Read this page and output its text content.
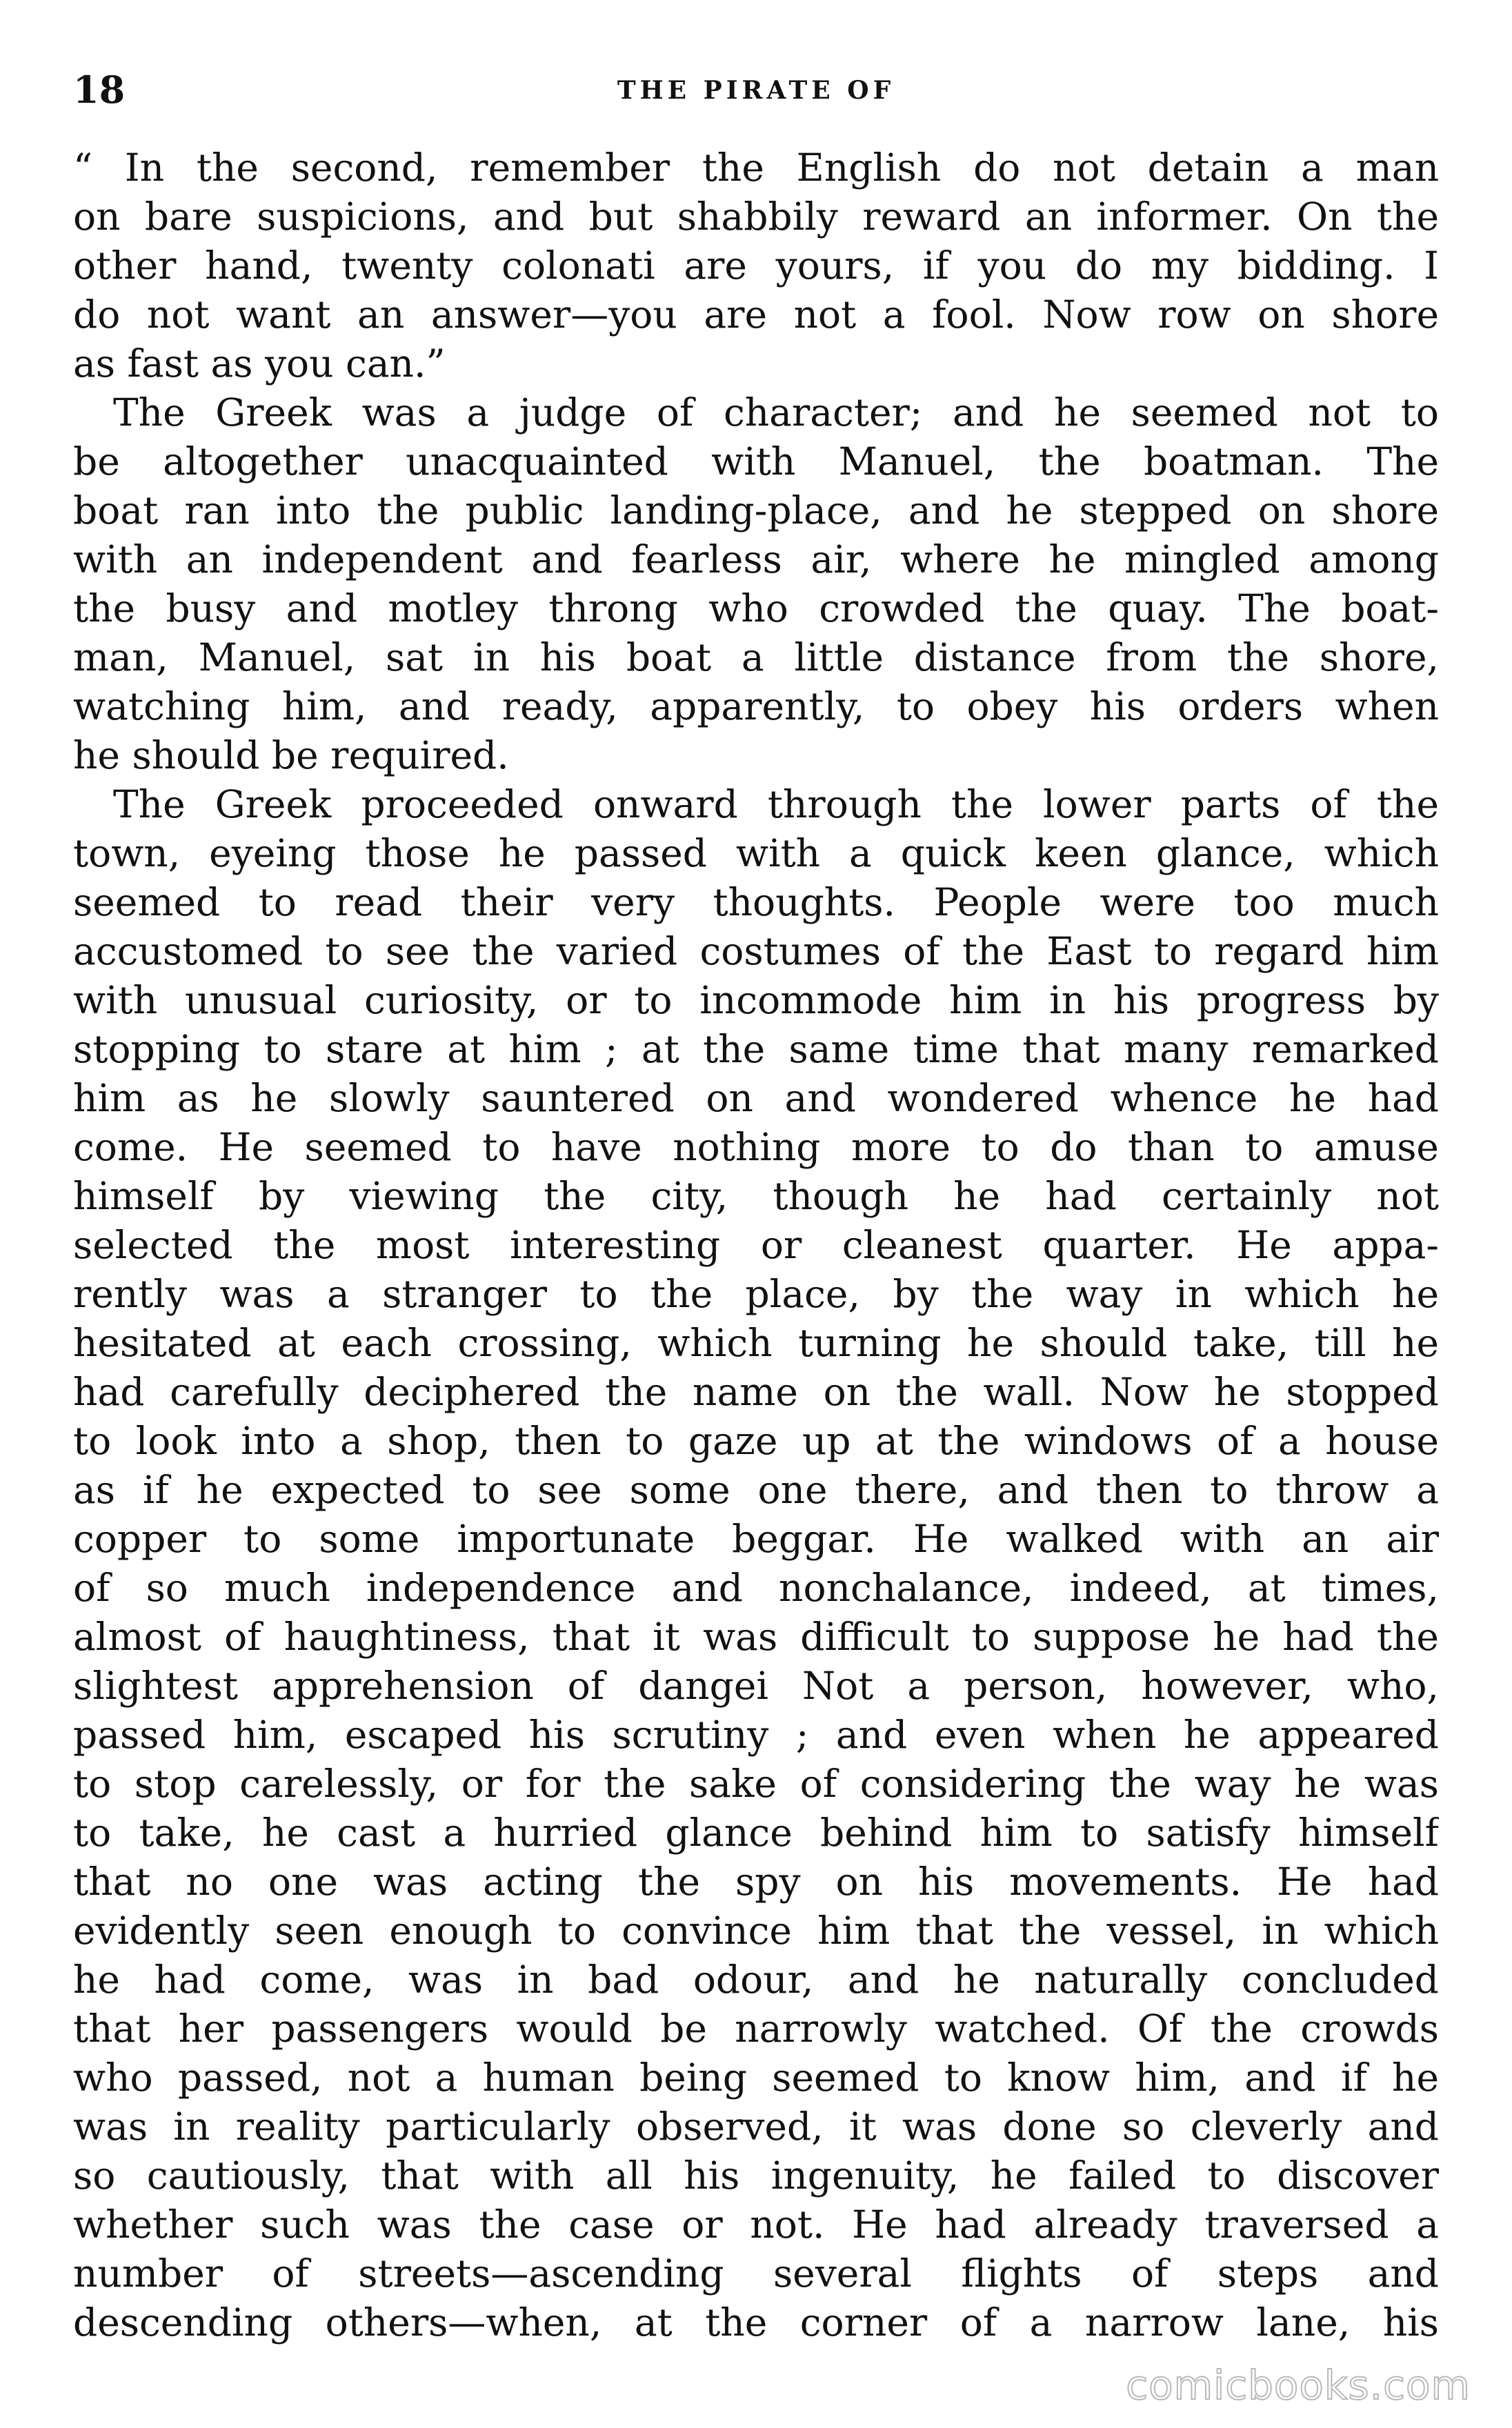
18	THE PIRATE OF
“ In the second, remember the English do not detain a man
on bare suspicions, and but shabbily reward an informer. On the
other hand, twenty colonati are yours, if you do my bidding. I
do not want an answer—you are not a fool. Now row on shore
as fast as you can.”
The Greek was a judge of character; and he seemed not to
be altogether unacquainted with Manuel, the boatman. The
boat ran into the public landing-place, and he stepped on shore
with an independent and fearless air, where he mingled among
the busy and motley throng who crowded the quay. The boat-
man, Manuel, sat in his boat a little distance from the shore,
watching him, and ready, apparently, to obey his orders when
he should be required.
The Greek proceeded onward through the lower parts of the
town, eyeing those he passed with a quick keen glance, which
seemed to read their very thoughts. People were too much
accustomed to see the varied costumes of the East to regard him
with unusual curiosity, or to incommode him in his progress by
stopping to stare at him ; at the same time that many remarked
him as he slowly sauntered on and wondered whence he had
come. He seemed to have nothing more to do than to amuse
himself by viewing the city, though he had certainly not
selected the most interesting or cleanest quarter. He appa-
rently was a stranger to the place, by the way in which he
hesitated at each crossing, which turning he should take, till he
had carefully deciphered the name on the wall. Now he stopped
to look into a shop, then to gaze up at the windows of a house
as if he expected to see some one there, and then to throw a
copper to some importunate beggar. He walked with an air
of so much independence and nonchalance, indeed, at times,
almost of haughtiness, that it was difficult to suppose he had the
slightest apprehension of dangei Not a person, however, who,
passed him, escaped his scrutiny ; and even when he appeared
to stop carelessly, or for the sake of considering the way he was
to take, he cast a hurried glance behind him to satisfy himself
that no one was acting the spy on his movements. He had
evidently seen enough to convince him that the vessel, in which
he had come, was in bad odour, and he naturally concluded
that her passengers would be narrowly watched. Of the crowds
who passed, not a human being seemed to know him, and if he
was in reality particularly observed, it was done so cleverly and
so cautiously, that with all his ingenuity, he failed to discover
whether such was the case or not. He had already traversed a
number of streets—ascending several flights of steps and
descending others—when, at the corner of a narrow lane, his
comicbooks.com
